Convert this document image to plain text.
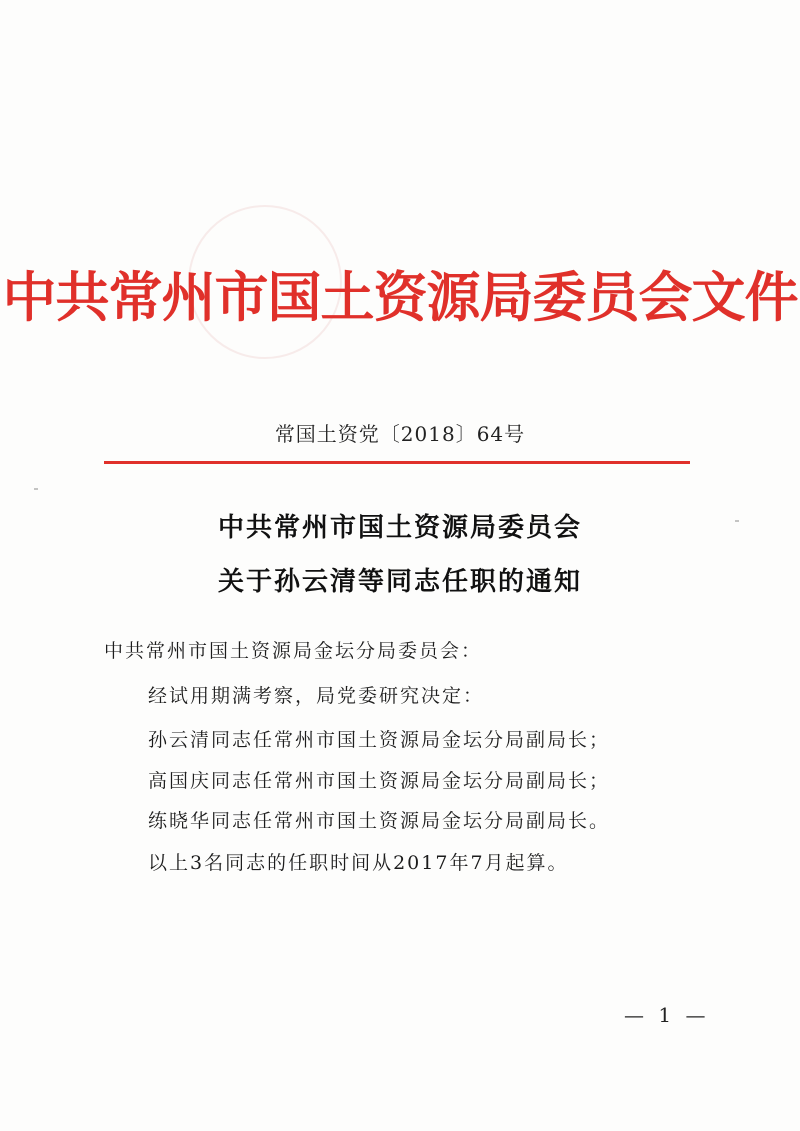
中共常州市国土资源局委员会文件
常国土资党〔2018〕64号
中共常州市国土资源局委员会
关于孙云清等同志任职的通知
中共常州市国土资源局金坛分局委员会：
经试用期满考察，局党委研究决定：
孙云清同志任常州市国土资源局金坛分局副局长；
高国庆同志任常州市国土资源局金坛分局副局长；
练晓华同志任常州市国土资源局金坛分局副局长。
以上3名同志的任职时间从2017年7月起算。
— 1 —
